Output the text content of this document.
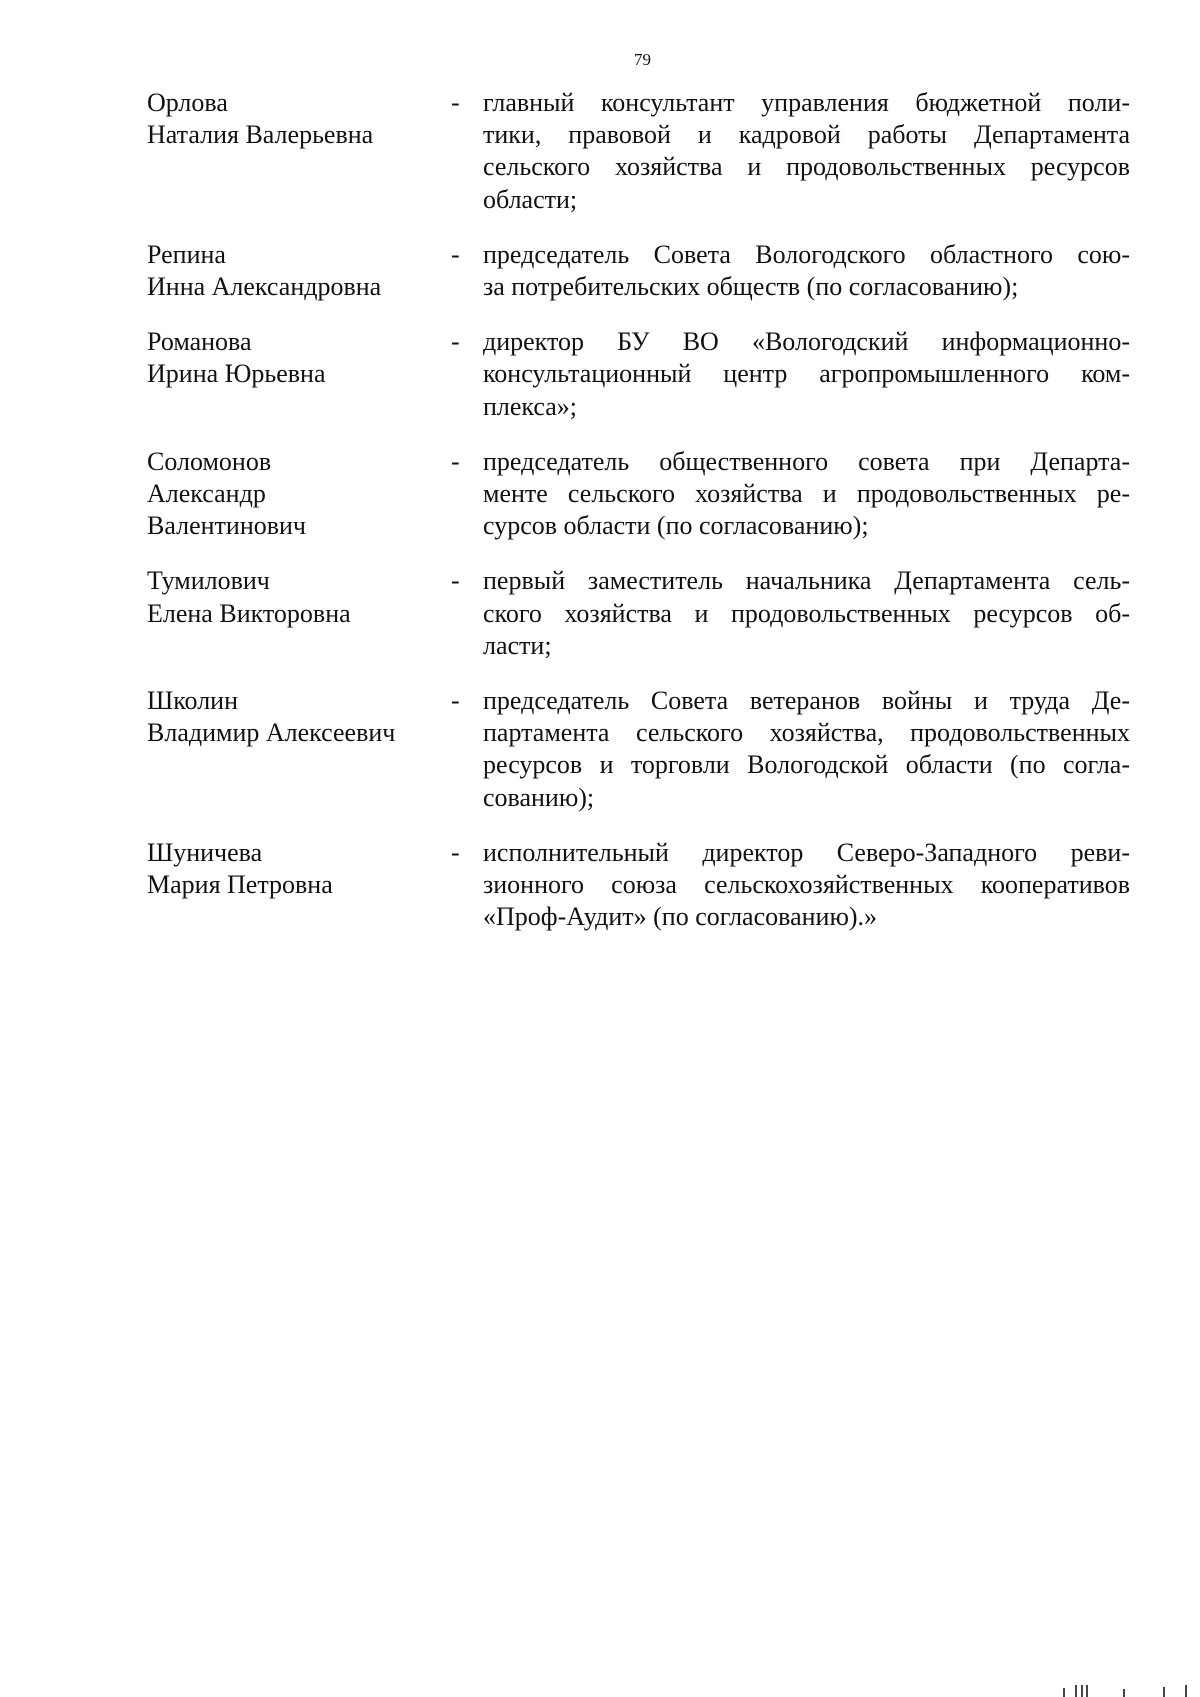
79
Орлова
Наталия Валерьевна
- главный консультант управления бюджетной поли-
тики, правовой и кадровой работы Департамента
сельского хозяйства и продовольственных ресурсов
области;
Репина
Инна Александровна
- председатель Совета Вологодского областного сою-
за потребительских обществ (по согласованию);
Романова
Ирина Юрьевна
- директор БУ ВО «Вологодский информационно-
консультационный центр агропромышленного ком-
плекса»;
Соломонов
Александр
Валентинович
- председатель общественного совета при Департа-
менте сельского хозяйства и продовольственных ре-
сурсов области (по согласованию);
Тумилович
Елена Викторовна
- первый заместитель начальника Департамента сель-
ского хозяйства и продовольственных ресурсов об-
ласти;
Школин
Владимир Алексеевич
- председатель Совета ветеранов войны и труда Де-
партамента сельского хозяйства, продовольственных
ресурсов и торговли Вологодской области (по согла-
сованию);
Шуничева
Мария Петровна
- исполнительный директор Северо-Западного реви-
зионного союза сельскохозяйственных кооперативов
«Проф-Аудит» (по согласованию).»
